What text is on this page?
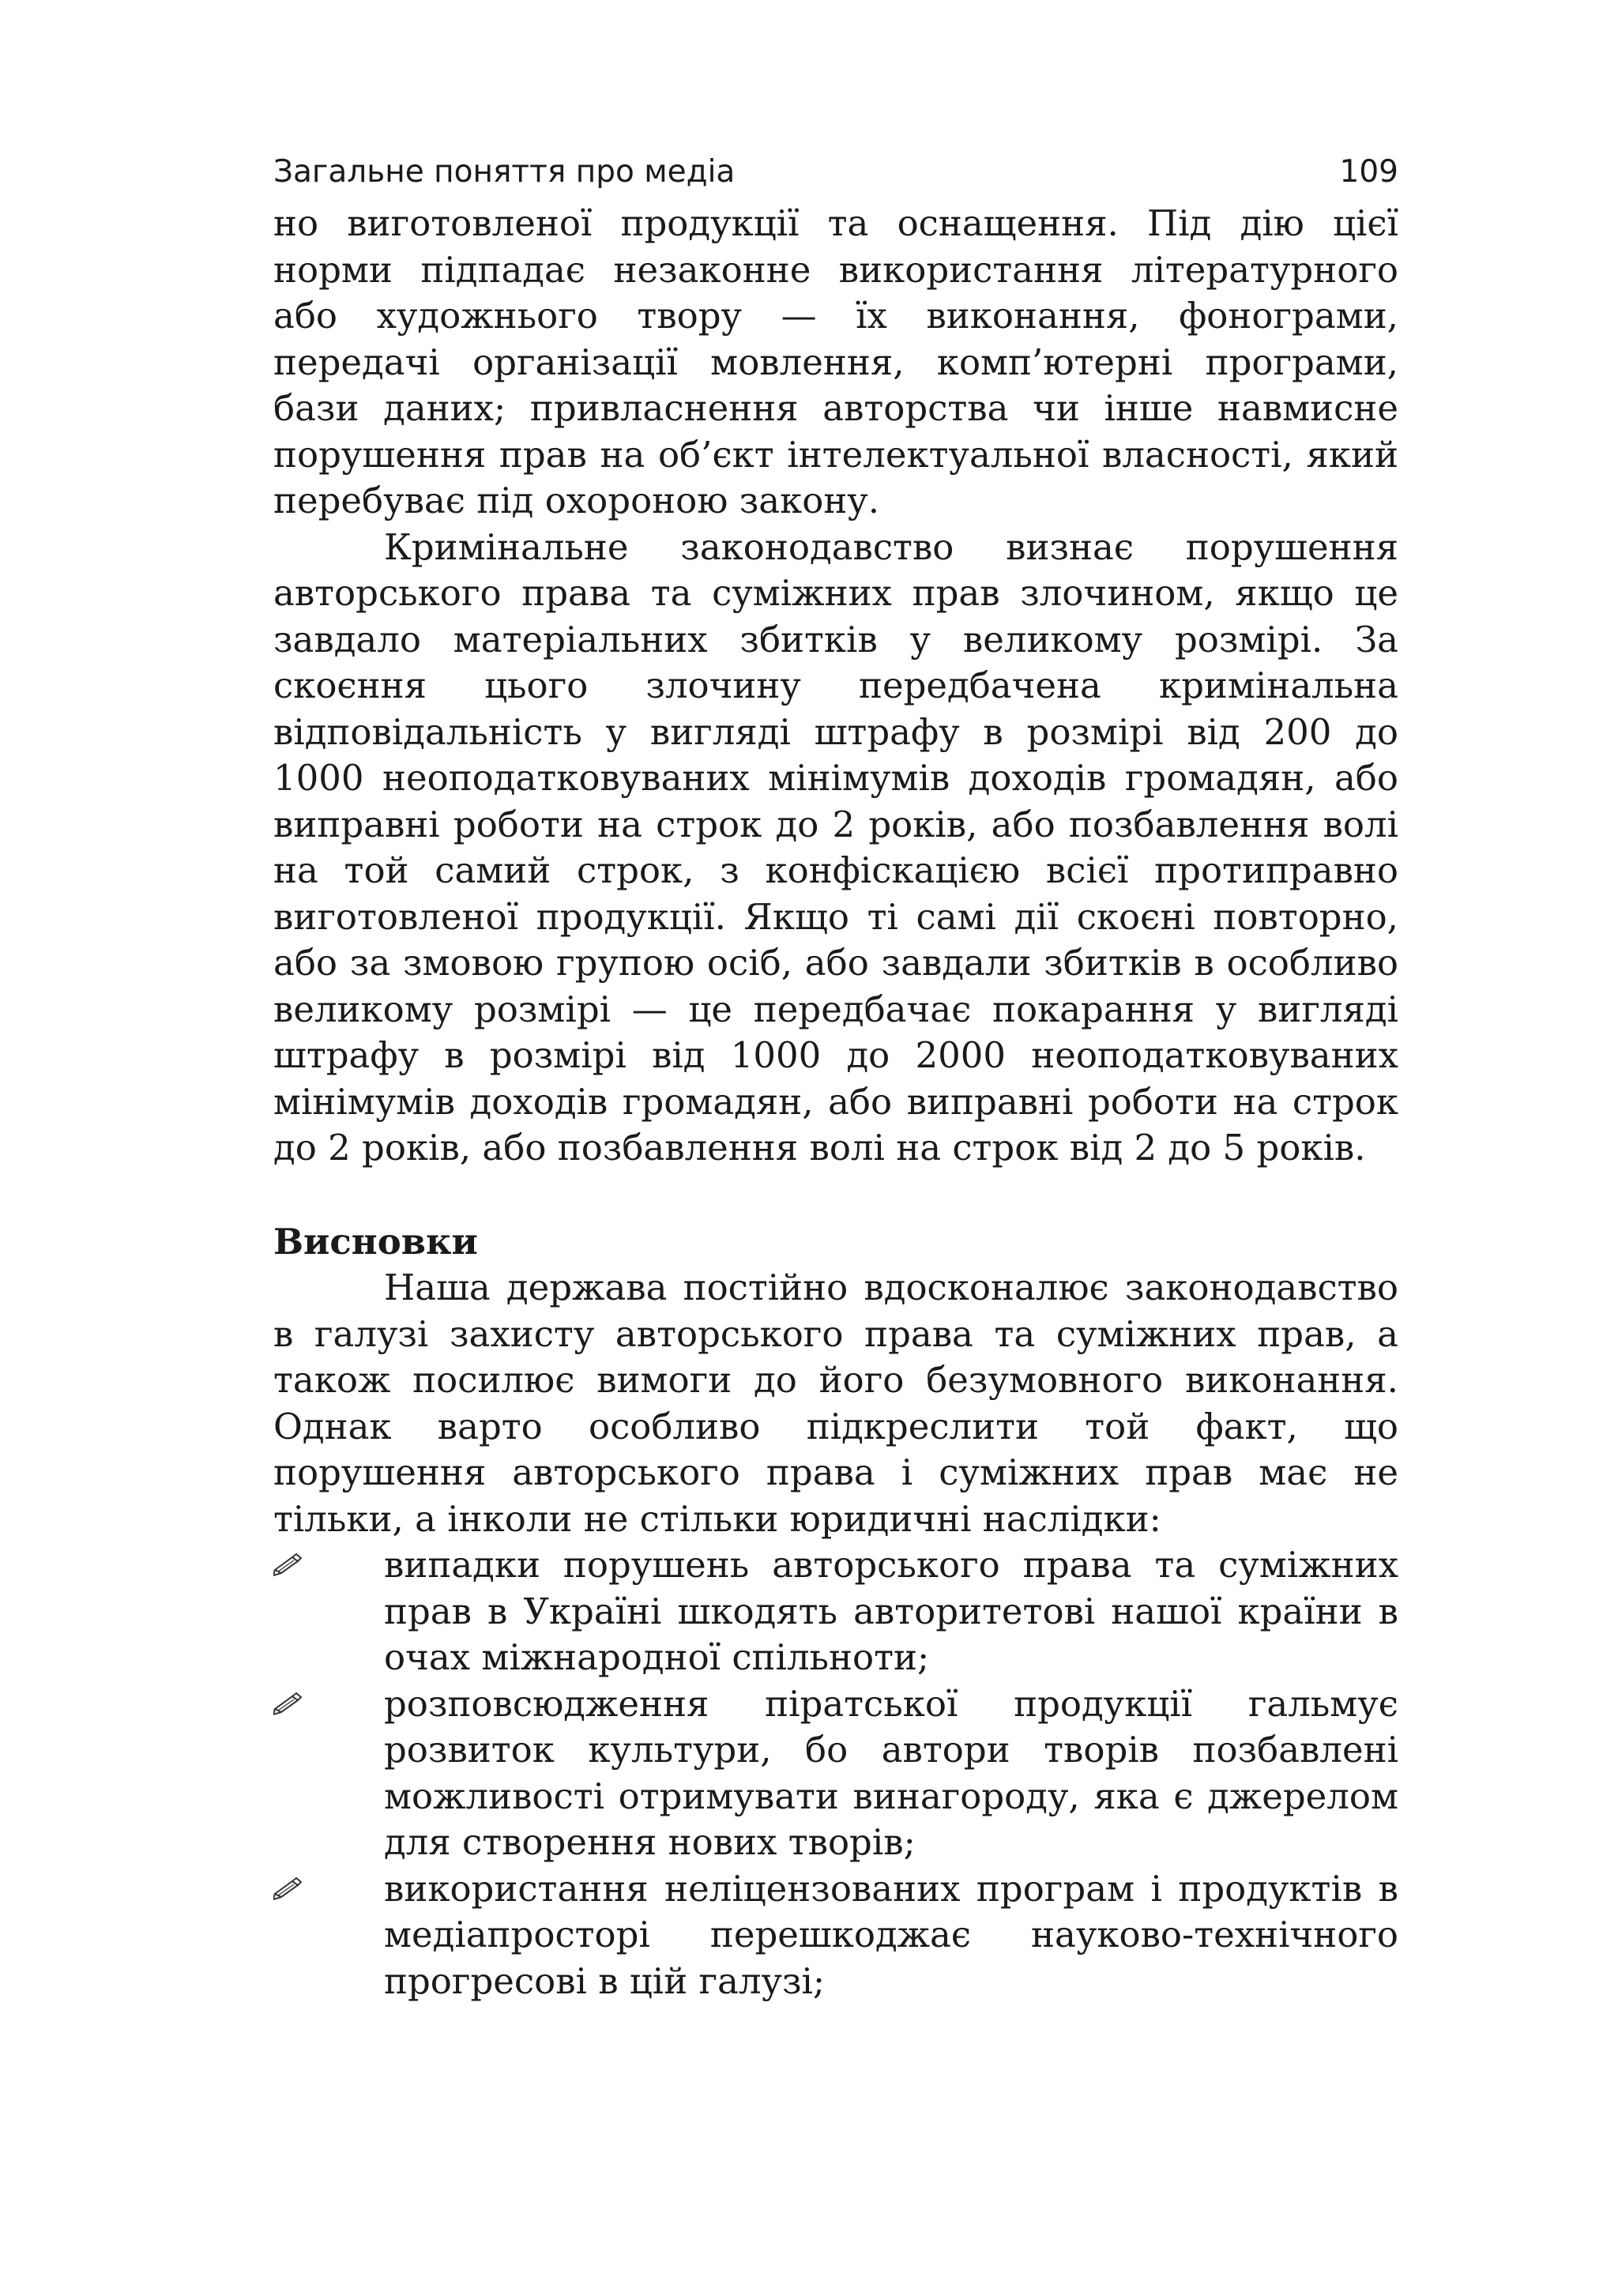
Загальне поняття про медіа	109

но виготовленої продукції та оснащення. Під дію цієї норми підпадає незаконне використання літературного або художнього твору — їх виконання, фонограми, передачі організації мовлення, комп’ютерні програми, бази даних; привласнення авторства чи інше навмисне порушення прав на об’єкт інтелектуальної власності, який перебуває під охороною закону.

Кримінальне законодавство визнає порушення авторського права та суміжних прав злочином, якщо це завдало матеріальних збитків у великому розмірі. За скоєння цього злочину передбачена кримінальна відповідальність у вигляді штрафу в розмірі від 200 до 1000 неоподатковуваних мінімумів доходів громадян, або виправні роботи на строк до 2 років, або позбавлення волі на той самий строк, з конфіскацією всієї протиправно виготовленої продукції. Якщо ті самі дії скоєні повторно, або за змовою групою осіб, або завдали збитків в особливо великому розмірі — це передбачає покарання у вигляді штрафу в розмірі від 1000 до 2000 неоподатковуваних мінімумів доходів громадян, або виправні роботи на строк до 2 років, або позбавлення волі на строк від 2 до 5 років.

Висновки

Наша держава постійно вдосконалює законодавство в галузі захисту авторського права та суміжних прав, а також посилює вимоги до його безумовного виконання. Однак варто особливо підкреслити той факт, що порушення авторського права і суміжних прав має не тільки, а інколи не стільки юридичні наслідки:

випадки порушень авторського права та суміжних прав в Україні шкодять авторитетові нашої країни в очах міжнародної спільноти;
розповсюдження піратської продукції гальмує розвиток культури, бо автори творів позбавлені можливості отримувати винагороду, яка є джерелом для створення нових творів;
використання неліцензованих програм і продуктів в медіапросторі перешкоджає науково-технічного прогресові в цій галузі;
